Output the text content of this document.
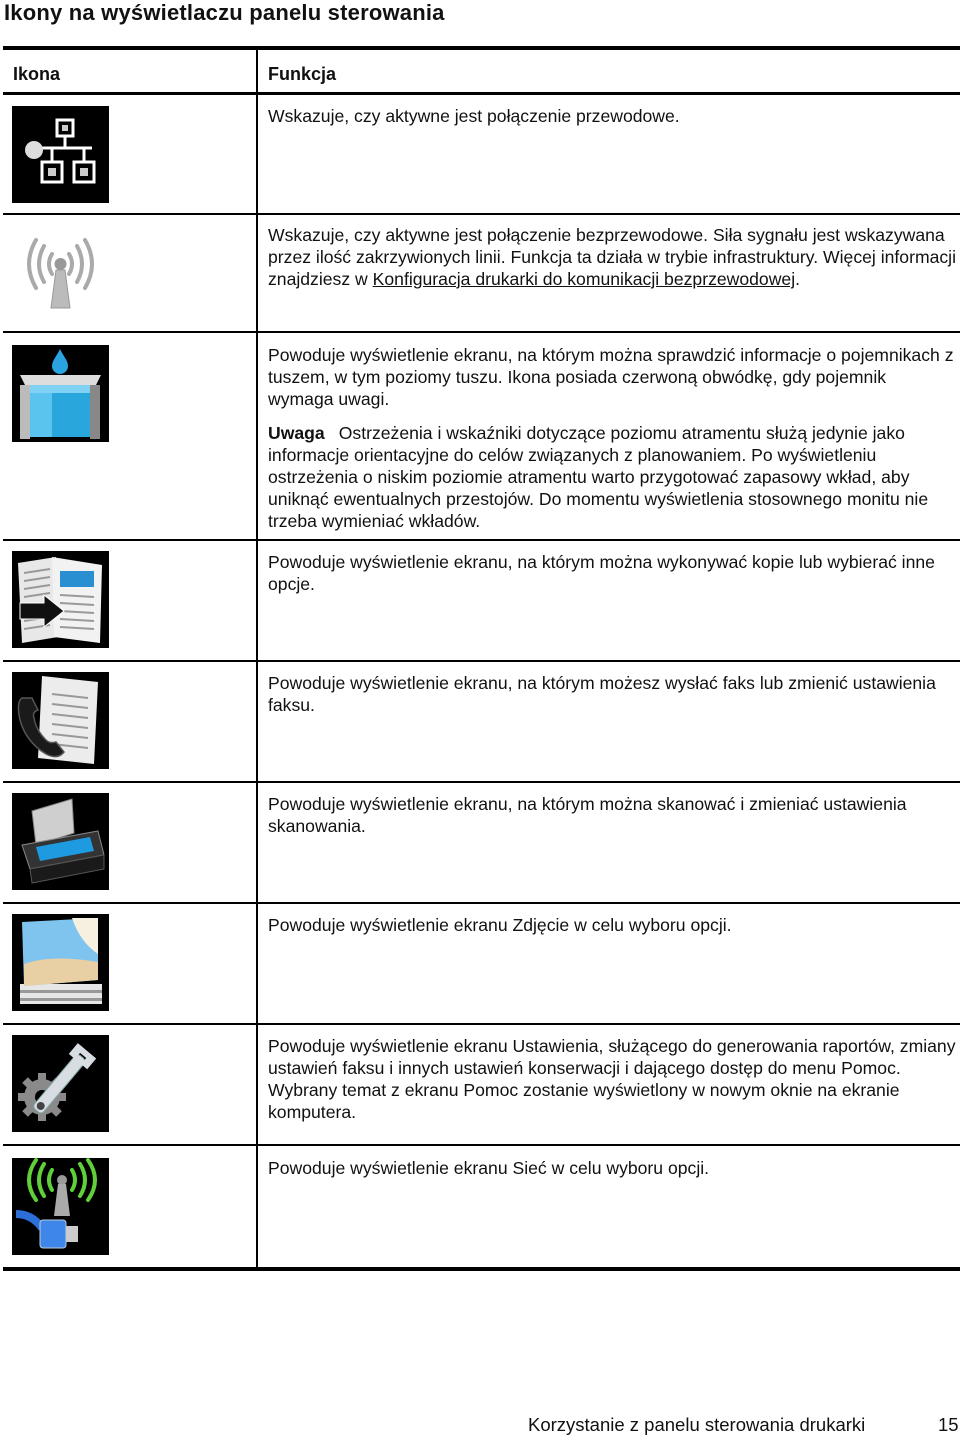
Ikony na wyświetlaczu panelu sterowania
Ikona	Funkcja

Wskazuje, czy aktywne jest połączenie przewodowe.

Wskazuje, czy aktywne jest połączenie bezprzewodowe. Siła sygnału jest wskazywana przez ilość zakrzywionych linii. Funkcja ta działa w trybie infrastruktury. Więcej informacji znajdziesz w Konfiguracja drukarki do komunikacji bezprzewodowej.

Powoduje wyświetlenie ekranu, na którym można sprawdzić informacje o pojemnikach z tuszem, w tym poziomy tuszu. Ikona posiada czerwoną obwódkę, gdy pojemnik wymaga uwagi.

Uwaga Ostrzeżenia i wskaźniki dotyczące poziomu atramentu służą jedynie jako informacje orientacyjne do celów związanych z planowaniem. Po wyświetleniu ostrzeżenia o niskim poziomie atramentu warto przygotować zapasowy wkład, aby uniknąć ewentualnych przestojów. Do momentu wyświetlenia stosownego monitu nie trzeba wymieniać wkładów.

Powoduje wyświetlenie ekranu, na którym można wykonywać kopie lub wybierać inne opcje.

Powoduje wyświetlenie ekranu, na którym możesz wysłać faks lub zmienić ustawienia faksu.

Powoduje wyświetlenie ekranu, na którym można skanować i zmieniać ustawienia skanowania.

Powoduje wyświetlenie ekranu Zdjęcie w celu wyboru opcji.

Powoduje wyświetlenie ekranu Ustawienia, służącego do generowania raportów, zmiany ustawień faksu i innych ustawień konserwacji i dającego dostęp do menu Pomoc. Wybrany temat z ekranu Pomoc zostanie wyświetlony w nowym oknie na ekranie komputera.

Powoduje wyświetlenie ekranu Sieć w celu wyboru opcji.

Korzystanie z panelu sterowania drukarki	15
